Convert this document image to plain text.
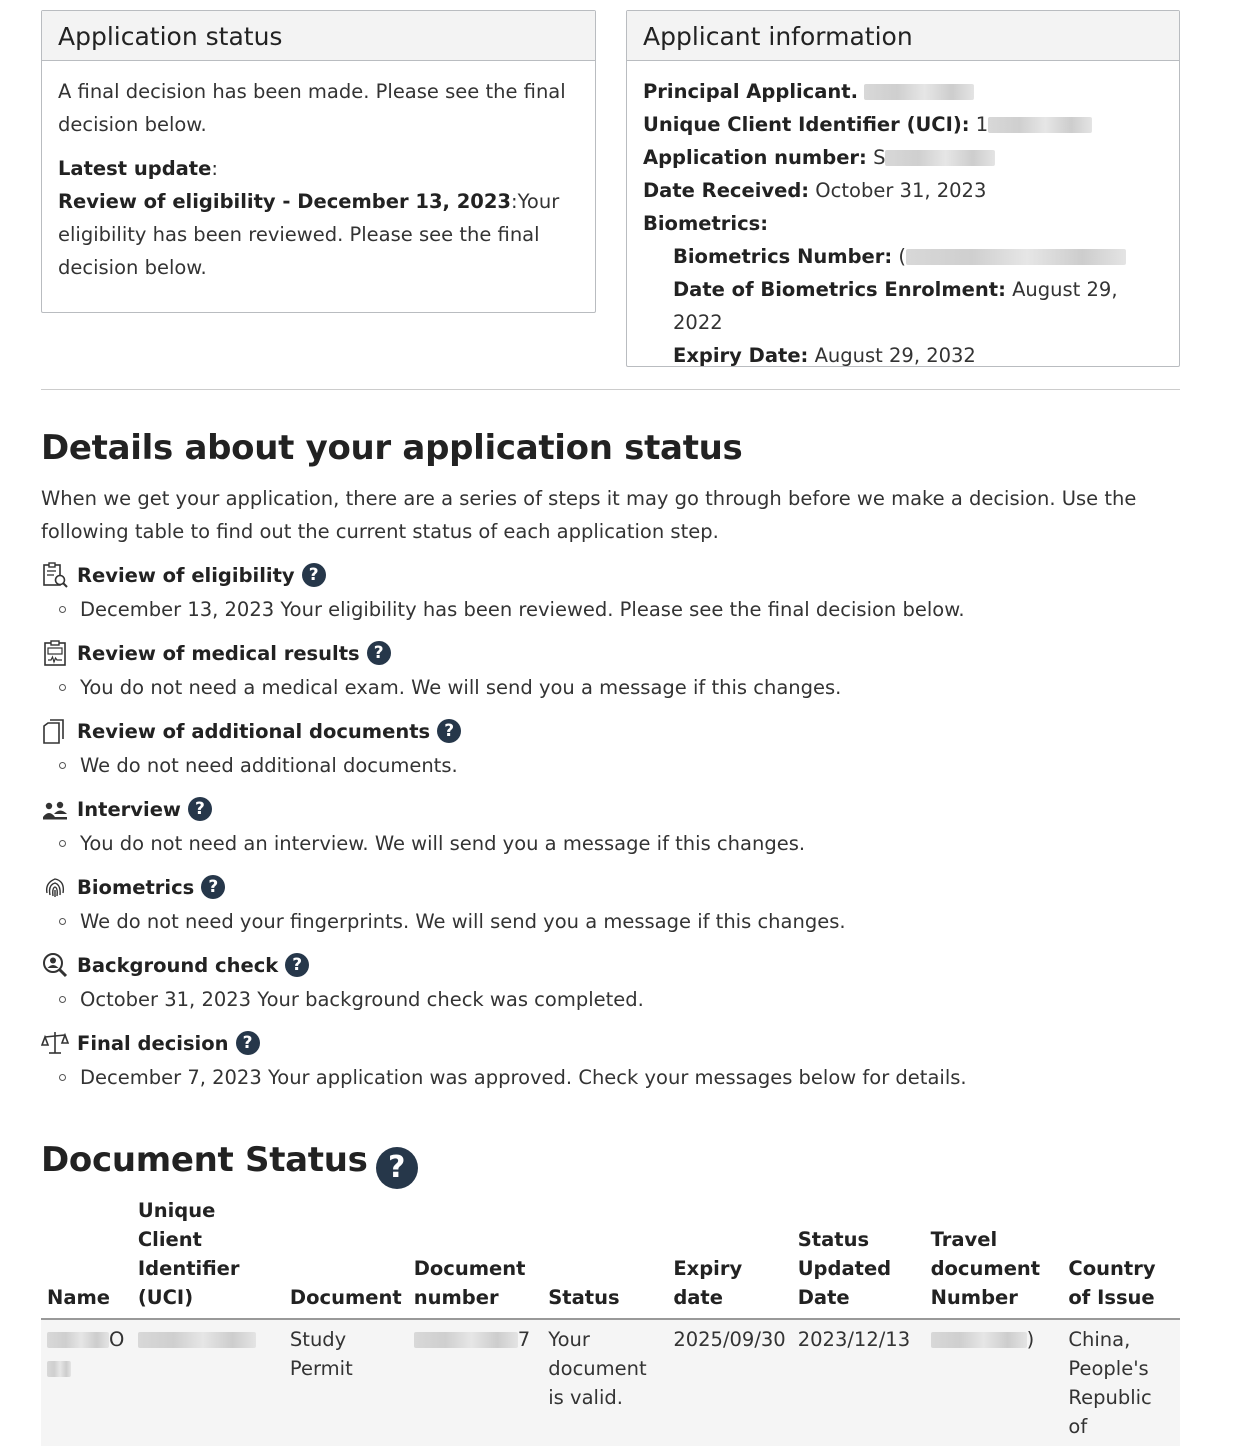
Application status

A final decision has been made. Please see the final decision below.

Latest update:

Review of eligibility - December 13, 2023:Your eligibility has been reviewed. Please see the final decision below.

Applicant information

Principal Applicant.

Unique Client Identifier (UCI): 1

Application number: S

Date Received: October 31, 2023

Biometrics:

Biometrics Number: (

Date of Biometrics Enrolment: August 29, 2022

Expiry Date: August 29, 2032

Details about your application status
When we get your application, there are a series of steps it may go through before we make a decision. Use the following table to find out the current status of each application step.
Review of eligibility ?
December 13, 2023 Your eligibility has been reviewed. Please see the final decision below.
Review of medical results ?
You do not need a medical exam. We will send you a message if this changes.
Review of additional documents ?
We do not need additional documents.
Interview ?
You do not need an interview. We will send you a message if this changes.
Biometrics ?
We do not need your fingerprints. We will send you a message if this changes.
Background check ?
October 31, 2023 Your background check was completed.
Final decision ?
December 7, 2023 Your application was approved. Check your messages below for details.
Document Status ?
Name	Unique Client Identifier (UCI)	Document	Document number	Status	Expiry date	Status Updated Date	Travel document Number	Country of Issue
O		Study Permit	7	Your document is valid.	2025/09/30	2023/12/13	)	China, People's Republic of
